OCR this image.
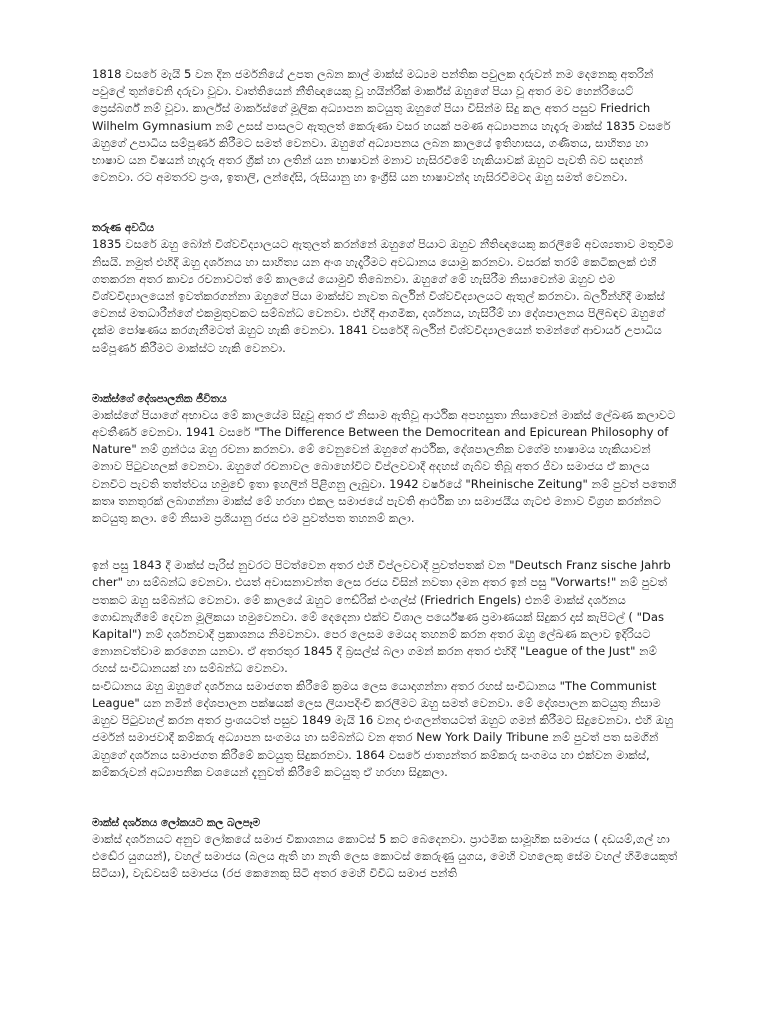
1818 වසරේ මැයි 5 වන දින ජර්මනියේ උපත ලබන කාල් මාක්ස් මධ්‍යම පන්තික පවුලක දරුවන් නම දෙනෙකු අතරින් පවුලේ තුන්වෙනි දරුවා වූවා. වෘත්තියෙන් නීතිඥයෙකු වූ හයින්රික් මාර්ක්ස් ඔහුගේ පියා වූ අතර මව හෙන්රියෙට් ප්‍රෙස්බර්ග් නම් වූවා. කාර්ල්ස් මාර්කස්ගේ මූලික අධ්‍යාපන කටයුතු ඔහුගේ පියා විසින්ම සිදු කල අතර පසුව Friedrich Wilhelm Gymnasium නම් උසස් පාසලට ඇතුලත් කෙරුණා වසර හයක් පමණ අධ්‍යාපනය හැදෑරූ මාක්ස් 1835 වසරේ ඔහුගේ උපාධිය සම්පූර්ණ කිරීමට සමත් වෙනවා. ඔහුගේ අධ්‍යාපනය ලබන කාලයේ ඉතිහාසය, ගණිතය, සාහිත්‍ය හා භාෂාව යන විෂයන් හැදෑරූ අතර ග්‍රීක් හා ලතින් යන භාෂාවන් මනාව හැසිරවීමේ හැකියාවක් ඔහුට පැවති බව සඳහන් වෙනවා. රට අමතරව ප්‍රංශ, ඉතාලි, ලන්දේසි, රුසියානු හා ඉංග්‍රීසි යන භාෂාවන්ද හැසිරවීමටද ඔහු සමත් වෙනවා.

තරුණ අවධිය

1835 වසරේ ඔහු බෝන් විශ්වවිද්‍යාලයට ඇතුලත් කරන්නේ ඔහුගේ පියාට ඔහුව නීතිඥයෙකු කරලීමේ අවශ්‍යතාව මතුවීම නිසයි. නමුත් එහිදී ඔහු දර්ශනය හා සාහිත්‍ය යන අංශ හැදෑරීමට අවධානය යොමු කරනවා. වසරක් තරම් කෙටිකලක් එහි ගතකරන අතර කාව්‍ය රචනාවටත් මේ කාලයේ යොමුවී තිබෙනවා. ඔහුගේ මේ හැසිරීම නිසාවෙන්ම ඔහුව එම විශ්වවිද්‍යාලයෙන් ඉවත්කරගන්නා ඔහුගේ පියා මාක්ස්ව නැවත බර්ලින් විශ්වවිද්‍යාලයට ඇතුල් කරනවා. බර්ලින්හිදී මාක්ස් වෙනස් මතධාරීන්ගේ එකමුතුවකට සම්බන්ධ වෙනවා. එහිදී ආගමික, දර්ශනය, හැසිරීම් හා දේශපාලනය පිලිබඳව ඔහුගේ දැක්ම පෝෂණය කරගැනීමටත් ඔහුට හැකි වෙනවා. 1841 වසරේදී බර්ලින් විශ්වවිද්‍යාලයෙන් තමන්ගේ ආචාර්ය උපාධිය සම්පූර්ණ කිරීමට මාක්ස්ට හැකි වෙනවා.

මාක්ස්ගේ දේශපාලනික ජීවිතය

මාක්ස්ගේ පියාගේ අභාවය මේ කාලයේම සිදුවූ අතර ඒ නිසාම ඇතිවූ ආර්ථික අපහසුතා නිසාවෙන් මාක්ස් ලේඛණ කලාවට අවතීර්ණ වෙනවා. 1941 වසරේ "The Difference Between the Democritean and Epicurean Philosophy of Nature" නම් ග්‍රන්ථය ඔහු රචනා කරනවා. මේ වෙනුවෙන් ඔහුගේ ආර්ථික, දේශපාලනික වගේම භාෂාමය හැකියාවන් මනාව පිටුවහලක් වෙනවා. ඔහුගේ රචනාවල බොහෝවිට විප්ලවවාදී අදහස් ගැබ්ව තිබූ අතර ජීවා සමාජය ඒ කාලය වනවිට පැවති තත්ත්වය හමුවේ ඉතා ඉහලින් පිළිගනු ලැබුවා. 1942 වර්ෂයේ "Rheinische Zeitung" නම් පුවත් පතෙහි කතෘ තනතුරක් ලබාගන්නා මාක්ස් මේ හරහා එකල සමාජයේ පැවති ආර්ථික හා සමාජයීය ගැටළු මනාව විග්‍රහ කරන්නට කටයුතු කලා. මේ නිසාම ප්‍රශියානු රජය එම පුවත්පත තහනම් කලා.

ඉන් පසු 1843 දී මාක්ස් පැරිස් නුවරට පිටත්වෙන අතර එහි විප්ලවවාදී පුවත්පතක් වන "Deutsch Franz sische Jahrb cher" හා සම්බන්ධ වෙනවා. එයත් අවාසනාවන්ත ලෙස රජය විසින් නවතා දමන අතර ඉන් පසු "Vorwarts!" නම් පුවත් පතකට ඔහු සම්බන්ධ වෙනවා. මේ කාලයේ ඔහුට ෆෙඩ්රික් එංගල්ස් (Friedrich Engels) එනම් මාක්ස් දර්ශනය ගොඩනැගීමේ දෙවන මූලිකයා හමුවෙනවා. මේ දෙදෙනා එක්ව විශාල පර්යේෂණ ප්‍රමාණයක් සිදුකර දාස් කැපිටල් ( "Das Kapital") නම් දර්ශනවාදී ප්‍රකාශනය නිමවනවා. පෙර ලෙසම මෙයද තහනම් කරන අතර ඔහු ලේඛණ කලාව ඉදිරියට නොනවත්වාම කරගෙන යනවා. ඒ අතරතුර 1845 දී බ්‍රසල්ස් බලා ගමන් කරන අතර එහිදී "League of the Just" නම් රහස් සංවිධානයක් හා සම්බන්ධ වෙනවා.

සංවිධානය ඔහු ඔහුගේ දර්ශනය සමාජගත කිරීමේ ක්‍රමය ලෙස යොදාගන්නා අතර රහස් සංවිධානය "The Communist League" යන නමින් දේශපාලන පක්ෂයක් ලෙස ලියාපදිංචි කරලීමට ඔහු සමත් වෙනවා. මේ දේශපාලන කටයුතු නිසාම ඔහුව පිටුවහල් කරන අතර ප්‍රංශයටත් පසුව 1849 මැයි 16 වනදා එංගලන්තයටත් ඔහුට ගමන් කිරීමට සිදුවෙනවා. එහි ඔහු ජර්මන් සමාජවාදී කම්කරු අධ්‍යාපන සංගමය හා සම්බන්ධ වන අතර New York Daily Tribune නම් පුවත් පත සමගින් ඔහුගේ දර්ශනය සමාජගත කිරීමේ කටයුතු සිදුකරනවා. 1864 වසරේ ජාත්‍යන්තර කම්කරු සංගමය හා එක්වන මාක්ස්, කම්කරුවන් අධ්‍යාපනික වශයෙන් දැනුවත් කිරීමේ කටයුතු ඒ හරහා සිදුකලා.

මාක්ස් දර්ශනය ලෝකයට කල බලපෑම

මාක්ස් දර්ශනයට අනුව ලෝකයේ සමාජ විකාශනය කොටස් 5 කට බෙදෙනවා. ප්‍රාථමික සාමූහික සමාජය ( දඩයම්,ගල් හා එඬේර යුගයන්), වහල් සමාජය (බලය ඇති හා නැති ලෙස කොටස් කෙරුණු යුගය, මෙහි වහලෙකු සේම වහල් හිමියෙකුත් සිටියා), වැඩවසම් සමාජය (රජ කෙනෙකු සිටි අතර මෙහි විවිධ සමාජ පන්ති
